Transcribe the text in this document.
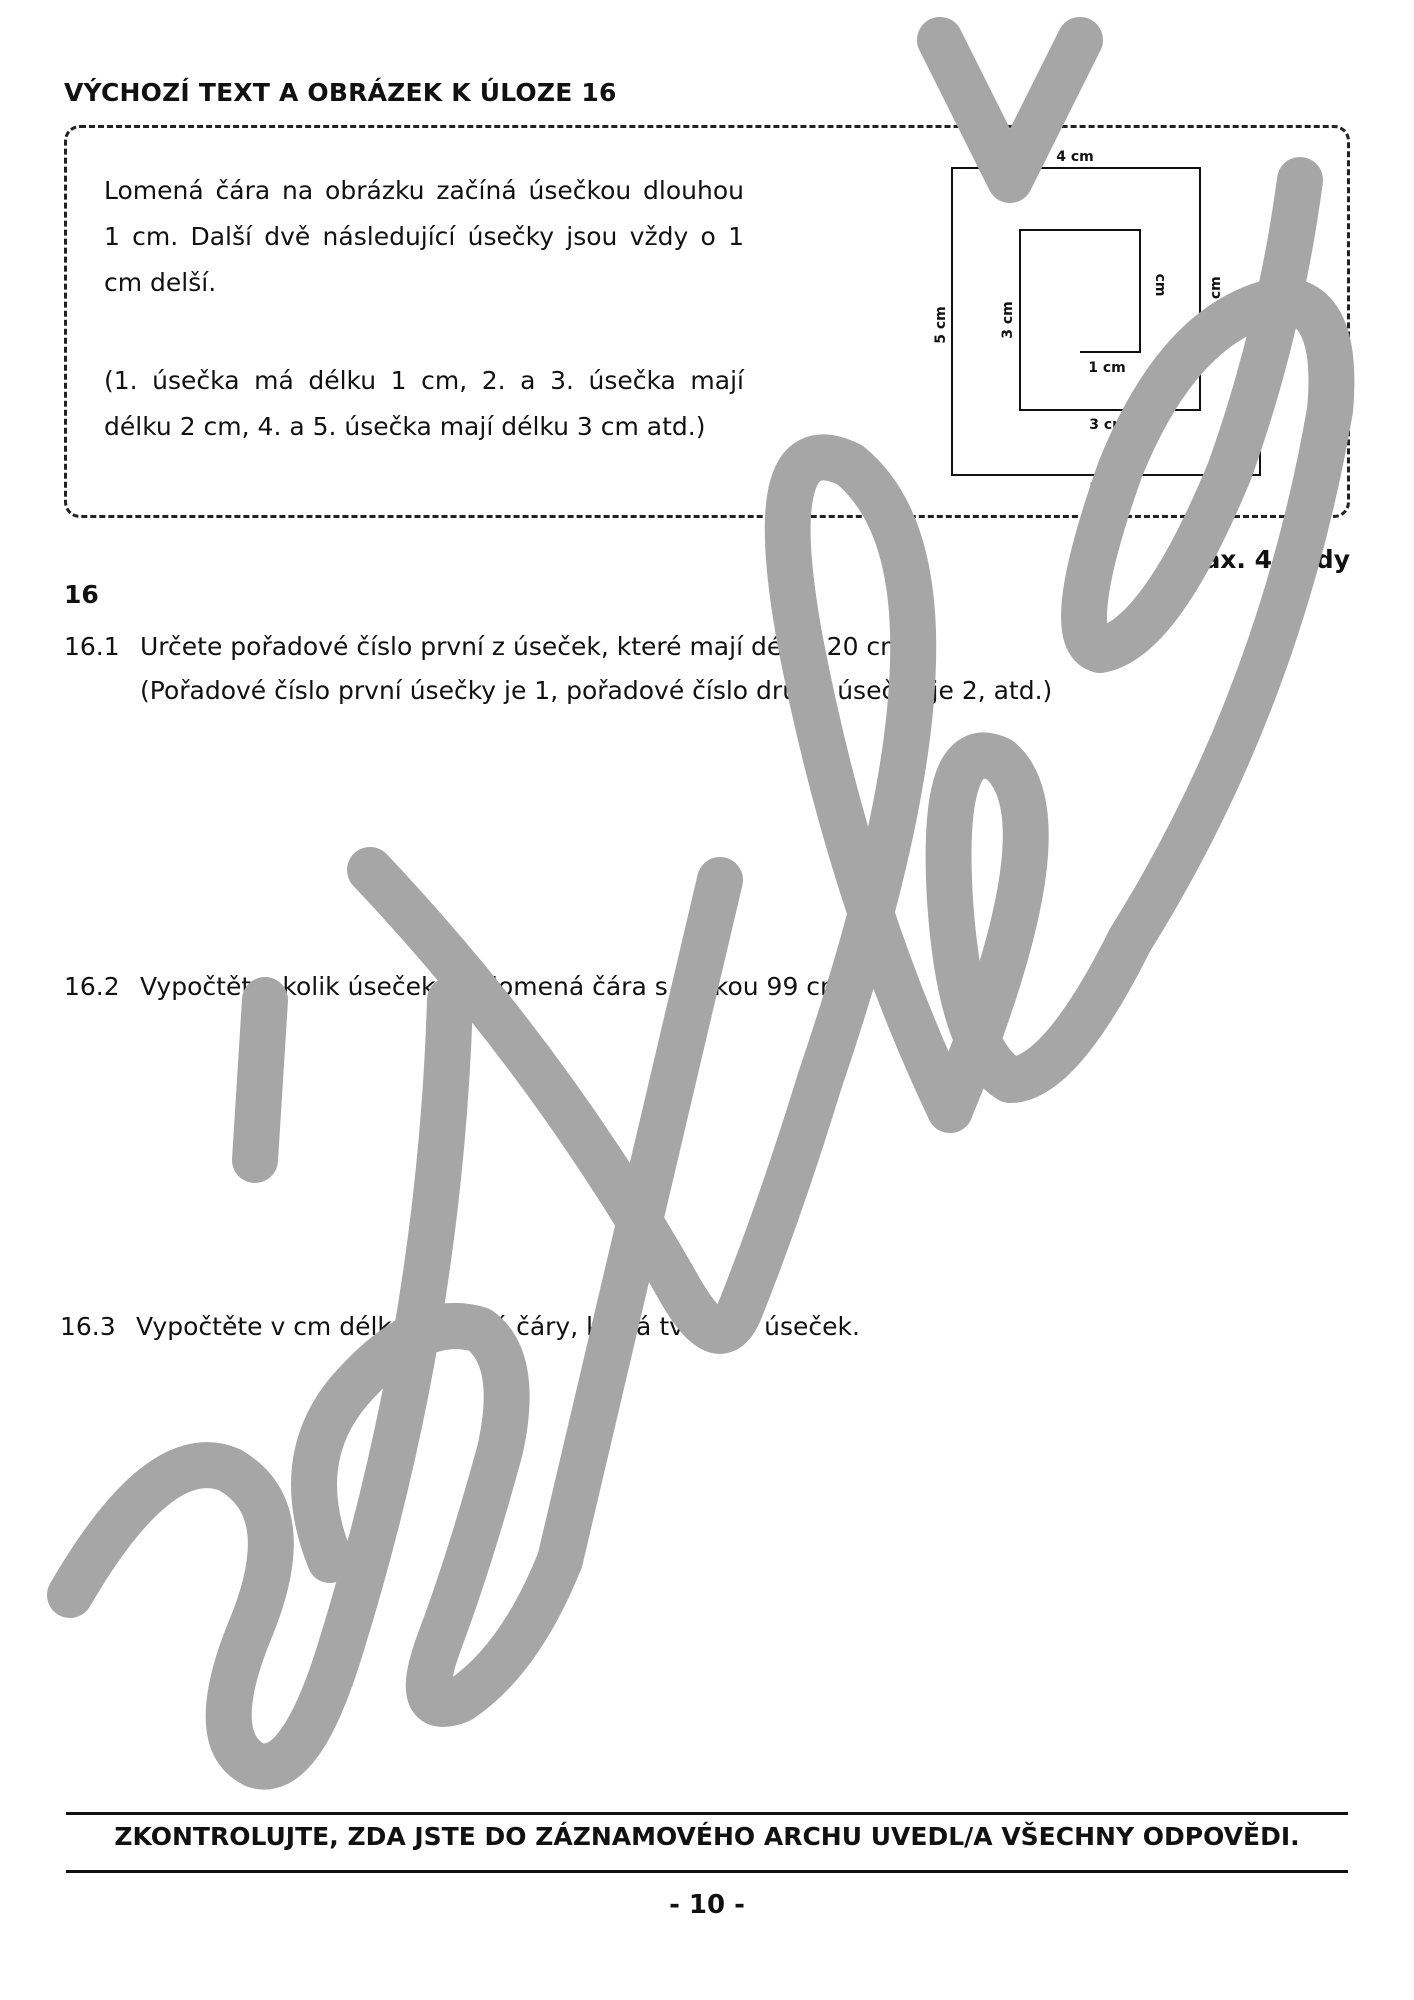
VÝCHOZÍ TEXT A OBRÁZEK K ÚLOZE 16

Lomená čára na obrázku začíná úsečkou dlouhou 1 cm. Další dvě následující úsečky jsou vždy o 1 cm delší.

(1. úsečka má délku 1 cm, 2. a 3. úsečka mají délku 2 cm, 4. a 5. úsečka mají délku 3 cm atd.)

4 cm
5 cm	3 cm
cm	4 cm
1 cm
3 cm
5 cm
⋮
max. 4 body
16
16.1 Určete pořadové číslo první z úseček, které mají délku 20 cm.
(Pořadové číslo první úsečky je 1, pořadové číslo druhé úsečky je 2, atd.)
16.2 Vypočtěte, kolik úseček má lomená čára s délkou 99 cm.
16.3 Vypočtěte v cm délku lomené čáry, která tvoří 30 úseček.
ZKONTROLUJTE, ZDA JSTE DO ZÁZNAMOVÉHO ARCHU UVEDL/A VŠECHNY ODPOVĚDI.
- 10 -
